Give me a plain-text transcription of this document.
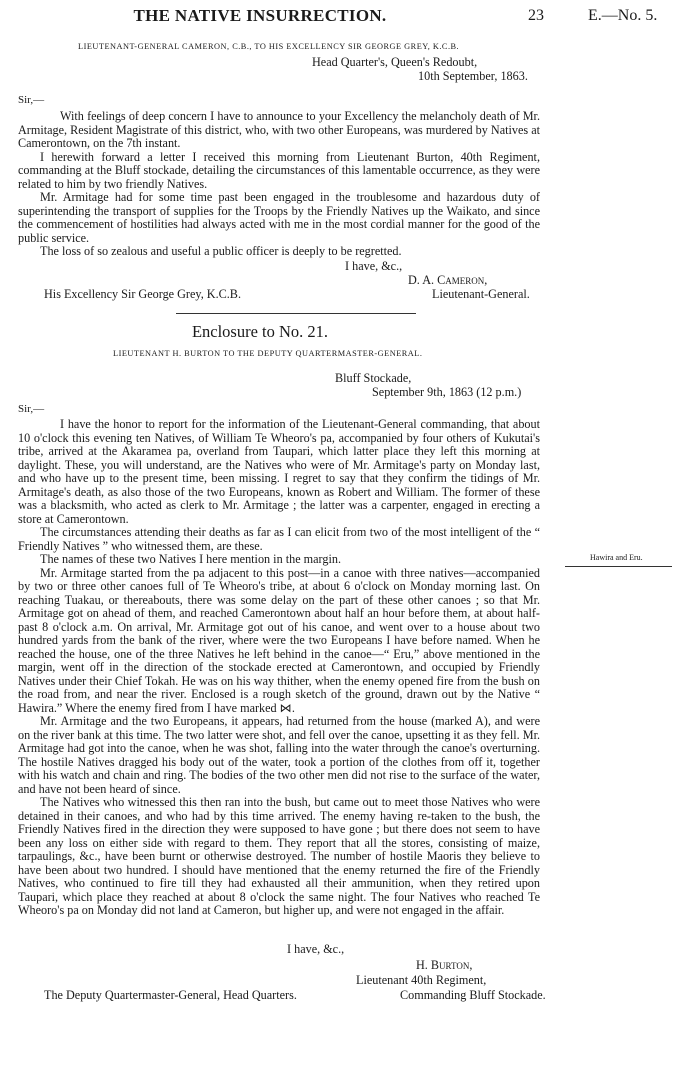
THE NATIVE INSURRECTION.	23	E.—No. 5.
LIEUTENANT-GENERAL CAMERON, C.B., TO HIS EXCELLENCY SIR GEORGE GREY, K.C.B.
Head Quarter's, Queen's Redoubt,
10th September, 1863.
Sir,—

With feelings of deep concern I have to announce to your Excellency the melancholy death of Mr. Armitage, Resident Magistrate of this district, who, with two other Europeans, was murdered by Natives at Camerontown, on the 7th instant.

I herewith forward a letter I received this morning from Lieutenant Burton, 40th Regiment, commanding at the Bluff stockade, detailing the circumstances of this lamentable occurrence, as they were related to him by two friendly Natives.

Mr. Armitage had for some time past been engaged in the troublesome and hazardous duty of superintending the transport of supplies for the Troops by the Friendly Natives up the Waikato, and since the commencement of hostilities had always acted with me in the most cordial manner for the good of the public service.

The loss of so zealous and useful a public officer is deeply to be regretted.

I have, &c.,
D. A. Cameron,
Lieutenant-General.
His Excellency Sir George Grey, K.C.B.
Enclosure to No. 21.
LIEUTENANT H. BURTON TO THE DEPUTY QUARTERMASTER-GENERAL.
Bluff Stockade,
September 9th, 1863 (12 p.m.)
Sir,—

I have the honor to report for the information of the Lieutenant-General commanding, that about 10 o'clock this evening ten Natives, of William Te Wheoro's pa, accompanied by four others of Kukutai's tribe, arrived at the Akaramea pa, overland from Taupari, which latter place they left this morning at daylight. These, you will understand, are the Natives who were of Mr. Armitage's party on Monday last, and who have up to the present time, been missing. I regret to say that they confirm the tidings of Mr. Armitage's death, as also those of the two Europeans, known as Robert and William. The former of these was a blacksmith, who acted as clerk to Mr. Armitage ; the latter was a carpenter, engaged in erecting a store at Camerontown.

The circumstances attending their deaths as far as I can elicit from two of the most intelligent of the “ Friendly Natives ” who witnessed them, are these.

The names of these two Natives I here mention in the margin.

Mr. Armitage started from the pa adjacent to this post—in a canoe with three natives—accompanied by two or three other canoes full of Te Wheoro's tribe, at about 6 o'clock on Monday morning last. On reaching Tuakau, or thereabouts, there was some delay on the part of these other canoes ; so that Mr. Armitage got on ahead of them, and reached Camerontown about half an hour before them, at about half-past 8 o'clock a.m. On arrival, Mr. Armitage got out of his canoe, and went over to a house about two hundred yards from the bank of the river, where were the two Europeans I have before named. When he reached the house, one of the three Natives he left behind in the canoe—“ Eru,” above mentioned in the margin, went off in the direction of the stockade erected at Camerontown, and occupied by Friendly Natives under their Chief Tokah. He was on his way thither, when the enemy opened fire from the bush on the road from, and near the river. Enclosed is a rough sketch of the ground, drawn out by the Native “ Hawira.” Where the enemy fired from I have marked ⋈.

Mr. Armitage and the two Europeans, it appears, had returned from the house (marked A), and were on the river bank at this time. The two latter were shot, and fell over the canoe, upsetting it as they fell. Mr. Armitage had got into the canoe, when he was shot, falling into the water through the canoe's overturning. The hostile Natives dragged his body out of the water, took a portion of the clothes from off it, together with his watch and chain and ring. The bodies of the two other men did not rise to the surface of the water, and have not been heard of since.

The Natives who witnessed this then ran into the bush, but came out to meet those Natives who were detained in their canoes, and who had by this time arrived. The enemy having re-taken to the bush, the Friendly Natives fired in the direction they were supposed to have gone ; but there does not seem to have been any loss on either side with regard to them. They report that all the stores, consisting of maize, tarpaulings, &c., have been burnt or otherwise destroyed. The number of hostile Maoris they believe to have been about two hundred. I should have mentioned that the enemy returned the fire of the Friendly Natives, who continued to fire till they had exhausted all their ammunition, when they retired upon Taupari, which place they reached at about 8 o'clock the same night. The four Natives who reached Te Wheoro's pa on Monday did not land at Cameron, but higher up, and were not engaged in the affair.

Hawira and Eru.
I have, &c.,
H. Burton,
Lieutenant 40th Regiment,
Commanding Bluff Stockade.
The Deputy Quartermaster-General, Head Quarters.
